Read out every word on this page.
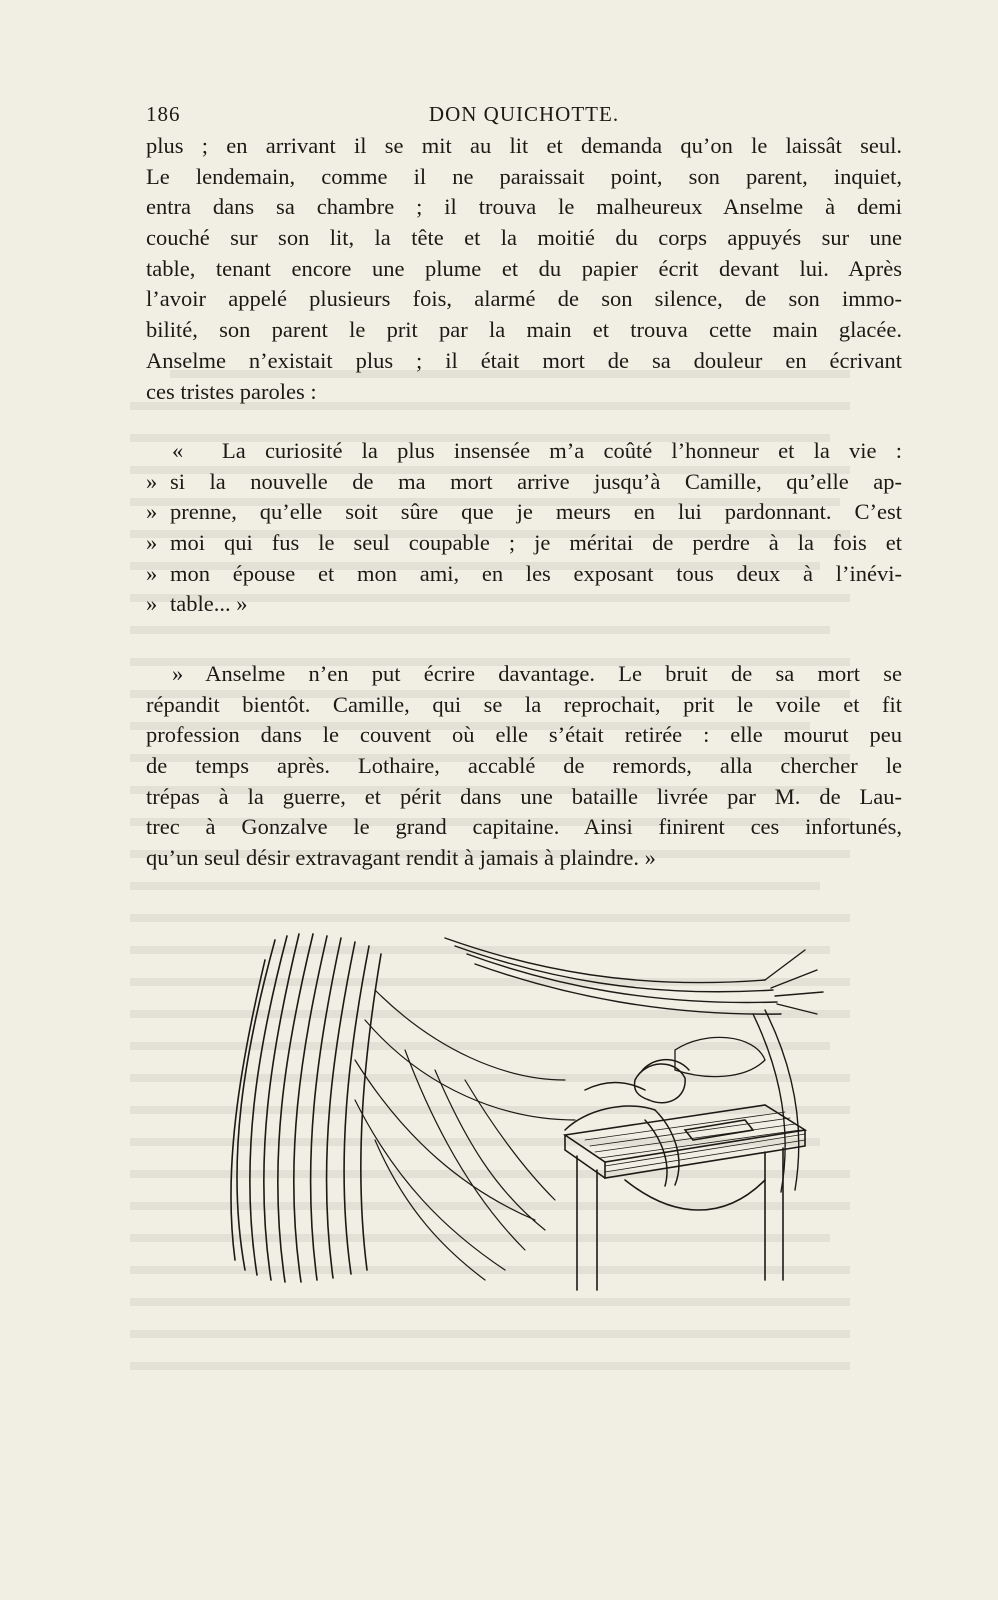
186	DON QUICHOTTE.
plus ; en arrivant il se mit au lit et demanda qu’on le laissât seul.
Le lendemain, comme il ne paraissait point, son parent, inquiet,
entra dans sa chambre ; il trouva le malheureux Anselme à demi
couché sur son lit, la tête et la moitié du corps appuyés sur une
table, tenant encore une plume et du papier écrit devant lui. Après
l’avoir appelé plusieurs fois, alarmé de son silence, de son immo-
bilité, son parent le prit par la main et trouva cette main glacée.
Anselme n’existait plus ; il était mort de sa douleur en écrivant
ces tristes paroles :
«	La curiosité la plus insensée m’a coûté l’honneur et la vie :
» si la nouvelle de ma mort arrive jusqu’à Camille, qu’elle ap-
» prenne, qu’elle soit sûre que je meurs en lui pardonnant. C’est
» moi qui fus le seul coupable ; je méritai de perdre à la fois et
» mon épouse et mon ami, en les exposant tous deux à l’inévi-
» table... »
» Anselme n’en put écrire davantage. Le bruit de sa mort se
répandit bientôt. Camille, qui se la reprochait, prit le voile et fit
profession dans le couvent où elle s’était retirée : elle mourut peu
de temps après. Lothaire, accablé de remords, alla chercher le
trépas à la guerre, et périt dans une bataille livrée par M. de Lau-
trec à Gonzalve le grand capitaine. Ainsi finirent ces infortunés,
qu’un seul désir extravagant rendit à jamais à plaindre. »
